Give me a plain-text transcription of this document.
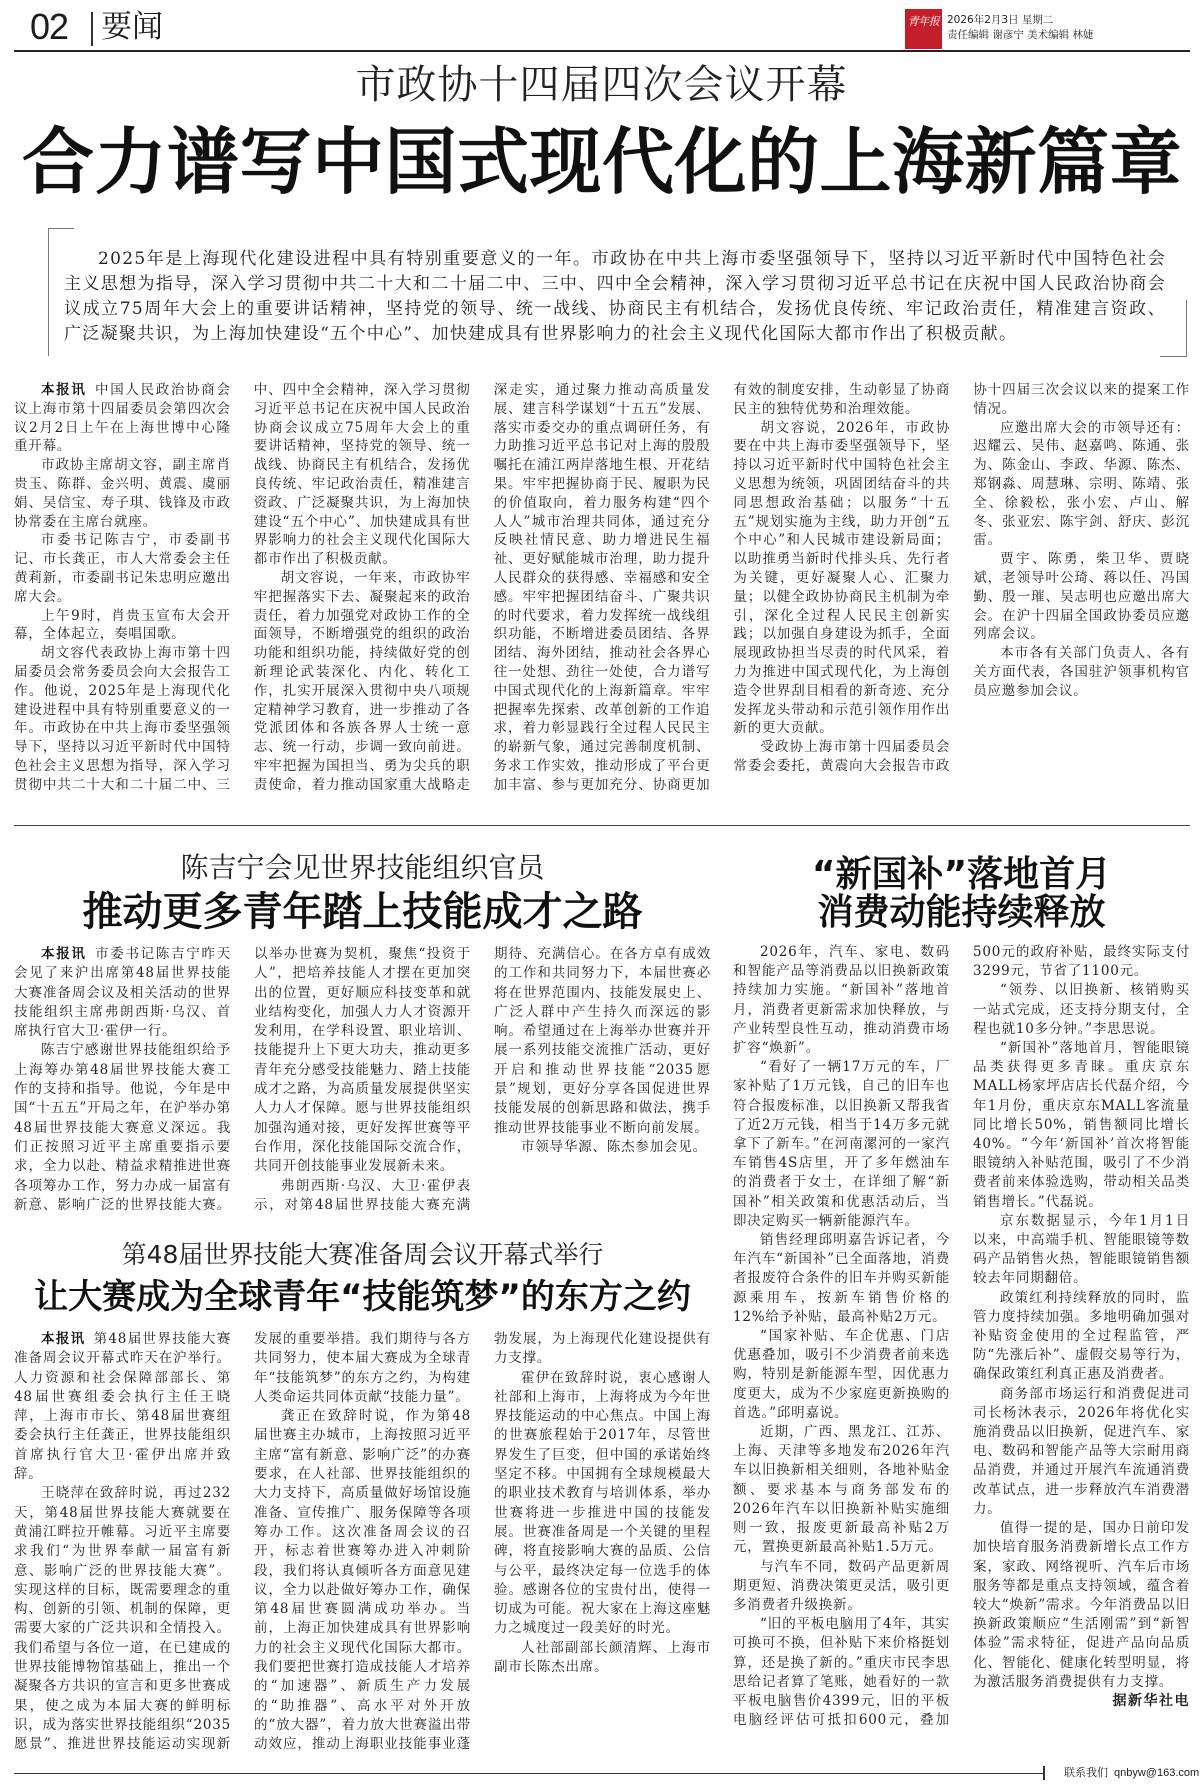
02 要闻	青年报 2026年2月3日 星期二
责任编辑 谢彦宁 美术编辑 林婕
市政协十四届四次会议开幕
合力谱写中国式现代化的上海新篇章
2025年是上海现代化建设进程中具有特别重要意义的一年。市政协在中共上海市委坚强领导下，坚持以习近平新时代中国特色社会主义思想为指导，深入学习贯彻中共二十大和二十届二中、三中、四中全会精神，深入学习贯彻习近平总书记在庆祝中国人民政治协商会议成立75周年大会上的重要讲话精神，坚持党的领导、统一战线、协商民主有机结合，发扬优良传统、牢记政治责任，精准建言资政、广泛凝聚共识，为上海加快建设“五个中心”、加快建成具有世界影响力的社会主义现代化国际大都市作出了积极贡献。

本报讯  中国人民政治协商会议上海市第十四届委员会第四次会议2月2日上午在上海世博中心隆重开幕。

市政协主席胡文容，副主席肖贵玉、陈群、金兴明、黄震、虞丽娟、吴信宝、寿子琪、钱锋及市政协常委在主席台就座。

市委书记陈吉宁，市委副书记、市长龚正，市人大常委会主任黄莉新，市委副书记朱忠明应邀出席大会。

上午9时，肖贵玉宣布大会开幕，全体起立，奏唱国歌。

胡文容代表政协上海市第十四届委员会常务委员会向大会报告工作。他说，2025年是上海现代化建设进程中具有特别重要意义的一年。市政协在中共上海市委坚强领导下，坚持以习近平新时代中国特色社会主义思想为指导，深入学习贯彻中共二十大和二十届二中、三中、四中全会精神，深入学习贯彻习近平总书记在庆祝中国人民政治协商会议成立75周年大会上的重要讲话精神，坚持党的领导、统一战线、协商民主有机结合，发扬优良传统、牢记政治责任，精准建言资政、广泛凝聚共识，为上海加快建设“五个中心”、加快建成具有世界影响力的社会主义现代化国际大都市作出了积极贡献。

胡文容说，一年来，市政协牢牢把握落实下去、凝聚起来的政治责任，着力加强党对政协工作的全面领导，不断增强党的组织的政治功能和组织功能，持续做好党的创新理论武装深化、内化、转化工作，扎实开展深入贯彻中央八项规定精神学习教育，进一步推动了各党派团体和各族各界人士统一意志、统一行动，步调一致向前进。牢牢把握为国担当、勇为尖兵的职责使命，着力推动国家重大战略走深走实，通过聚力推动高质量发展、建言科学谋划“十五五”发展、落实市委交办的重点调研任务，有力助推习近平总书记对上海的殷殷嘱托在浦江两岸落地生根、开花结果。牢牢把握协商于民、履职为民的价值取向，着力服务构建“四个人人”城市治理共同体，通过充分反映社情民意、助力增进民生福祉、更好赋能城市治理，助力提升人民群众的获得感、幸福感和安全感。牢牢把握团结奋斗、广聚共识的时代要求，着力发挥统一战线组织功能，不断增进委员团结、各界团结、海外团结，推动社会各界心往一处想、劲往一处使，合力谱写中国式现代化的上海新篇章。牢牢把握率先探索、改革创新的工作追求，着力彰显践行全过程人民民主的崭新气象，通过完善制度机制、务求工作实效，推动形成了平台更加丰富、参与更加充分、协商更加有效的制度安排，生动彰显了协商民主的独特优势和治理效能。

胡文容说，2026年，市政协要在中共上海市委坚强领导下，坚持以习近平新时代中国特色社会主义思想为统领，巩固团结奋斗的共同思想政治基础；以服务“十五五”规划实施为主线，助力开创“五个中心”和人民城市建设新局面；以助推勇当新时代排头兵、先行者为关键，更好凝聚人心、汇聚力量；以健全政协协商民主机制为牵引，深化全过程人民民主创新实践；以加强自身建设为抓手，全面展现政协担当尽责的时代风采，着力为推进中国式现代化，为上海创造令世界刮目相看的新奇迹、充分发挥龙头带动和示范引领作用作出新的更大贡献。

受政协上海市第十四届委员会常委会委托，黄震向大会报告市政协十四届三次会议以来的提案工作情况。

应邀出席大会的市领导还有：迟耀云、吴伟、赵嘉鸣、陈通、张为、陈金山、李政、华源、陈杰、郑钢淼、周慧琳、宗明、陈靖、张全、徐毅松，张小宏、卢山、解冬、张亚宏、陈宇剑、舒庆、彭沉雷。

贾宇、陈勇，柴卫华、贾晓斌，老领导叶公琦、蒋以任、冯国勤、殷一璀、吴志明也应邀出席大会。在沪十四届全国政协委员应邀列席会议。

本市各有关部门负责人、各有关方面代表，各国驻沪领事机构官员应邀参加会议。

陈吉宁会见世界技能组织官员
推动更多青年踏上技能成才之路

本报讯  市委书记陈吉宁昨天会见了来沪出席第48届世界技能大赛准备周会议及相关活动的世界技能组织主席弗朗西斯·乌汉、首席执行官大卫·霍伊一行。

陈吉宁感谢世界技能组织给予上海筹办第48届世界技能大赛工作的支持和指导。他说，今年是中国“十五五”开局之年，在沪举办第48届世界技能大赛意义深远。我们正按照习近平主席重要指示要求，全力以赴、精益求精推进世赛各项筹办工作，努力办成一届富有新意、影响广泛的世界技能大赛。以举办世赛为契机，聚焦“投资于人”，把培养技能人才摆在更加突出的位置，更好顺应科技变革和就业结构变化，加强人力人才资源开发利用，在学科设置、职业培训、技能提升上下更大功夫，推动更多青年充分感受技能魅力、踏上技能成才之路，为高质量发展提供坚实人力人才保障。愿与世界技能组织加强沟通对接，更好发挥世赛等平台作用，深化技能国际交流合作，共同开创技能事业发展新未来。

弗朗西斯·乌汉、大卫·霍伊表示，对第48届世界技能大赛充满期待、充满信心。在各方卓有成效的工作和共同努力下，本届世赛必将在世界范围内、技能发展史上、广泛人群中产生持久而深远的影响。希望通过在上海举办世赛并开展一系列技能交流推广活动，更好开启和推动世界技能“2035愿景”规划，更好分享各国促进世界技能发展的创新思路和做法，携手推动世界技能事业不断向前发展。

市领导华源、陈杰参加会见。

“新国补”落地首月
消费动能持续释放

2026年，汽车、家电、数码和智能产品等消费品以旧换新政策持续加力实施。“新国补”落地首月，消费者更新需求加快释放，与产业转型良性互动，推动消费市场扩容“焕新”。

“看好了一辆17万元的车，厂家补贴了1万元钱，自己的旧车也符合报废标准，以旧换新又帮我省了近2万元钱，相当于14万多元就拿下了新车。”在河南漯河的一家汽车销售4S店里，开了多年燃油车的消费者于女士，在详细了解“新国补”相关政策和优惠活动后，当即决定购买一辆新能源汽车。

销售经理邱明嘉告诉记者，今年汽车“新国补”已全面落地，消费者报废符合条件的旧车并购买新能源乘用车，按新车销售价格的12%给予补贴，最高补贴2万元。

“国家补贴、车企优惠、门店优惠叠加，吸引不少消费者前来选购，特别是新能源车型，因优惠力度更大，成为不少家庭更新换购的首选。”邱明嘉说。

近期，广西、黑龙江、江苏、上海、天津等多地发布2026年汽车以旧换新相关细则，各地补贴金额、要求基本与商务部发布的2026年汽车以旧换新补贴实施细则一致，报废更新最高补贴2万元，置换更新最高补贴1.5万元。

与汽车不同，数码产品更新周期更短、消费决策更灵活，吸引更多消费者升级换新。

“旧的平板电脑用了4年，其实可换可不换，但补贴下来价格挺划算，还是换了新的。”重庆市民李思思给记者算了笔账，她看好的一款平板电脑售价4399元，旧的平板电脑经评估可抵扣600元，叠加500元的政府补贴，最终实际支付3299元，节省了1100元。

“领券、以旧换新、核销购买一站式完成，还支持分期支付，全程也就10多分钟。”李思思说。

“新国补”落地首月，智能眼镜品类获得更多青睐。重庆京东MALL杨家坪店店长代磊介绍，今年1月份，重庆京东MALL客流量同比增长50%，销售额同比增长40%。“今年‘新国补’首次将智能眼镜纳入补贴范围，吸引了不少消费者前来体验选购，带动相关品类销售增长。”代磊说。

京东数据显示，今年1月1日以来，中高端手机、智能眼镜等数码产品销售火热，智能眼镜销售额较去年同期翻倍。

政策红利持续释放的同时，监管力度持续加强。多地明确加强对补贴资金使用的全过程监管，严防“先涨后补”、虚假交易等行为，确保政策红利真正惠及消费者。

商务部市场运行和消费促进司司长杨沐表示，2026年将优化实施消费品以旧换新，促进汽车、家电、数码和智能产品等大宗耐用商品消费，并通过开展汽车流通消费改革试点，进一步释放汽车消费潜力。

值得一提的是，国办日前印发加快培育服务消费新增长点工作方案，家政、网络视听、汽车后市场服务等都是重点支持领域，蕴含着较大“焕新”需求。今年消费品以旧换新政策顺应“生活刚需”到“新智体验”需求特征，促进产品向品质化、智能化、健康化转型明显，将为激活服务消费提供有力支撑。

据新华社电

第48届世界技能大赛准备周会议开幕式举行
让大赛成为全球青年“技能筑梦”的东方之约

本报讯  第48届世界技能大赛准备周会议开幕式昨天在沪举行。人力资源和社会保障部部长、第48届世赛组委会执行主任王晓萍，上海市市长、第48届世赛组委会执行主任龚正，世界技能组织首席执行官大卫·霍伊出席并致辞。

王晓萍在致辞时说，再过232天，第48届世界技能大赛就要在黄浦江畔拉开帷幕。习近平主席要求我们“为世界奉献一届富有新意、影响广泛的世界技能大赛”。实现这样的目标，既需要理念的重构、创新的引领、机制的保障，更需要大家的广泛共识和全情投入。我们希望与各位一道，在已建成的世界技能博物馆基础上，推出一个凝聚各方共识的宣言和更多世赛成果，使之成为本届大赛的鲜明标识，成为落实世界技能组织“2035愿景”、推进世界技能运动实现新发展的重要举措。我们期待与各方共同努力，使本届大赛成为全球青年“技能筑梦”的东方之约，为构建人类命运共同体贡献“技能力量”。

龚正在致辞时说，作为第48届世赛主办城市，上海按照习近平主席“富有新意、影响广泛”的办赛要求，在人社部、世界技能组织的大力支持下，高质量做好场馆设施准备、宣传推广、服务保障等各项筹办工作。这次准备周会议的召开，标志着世赛筹办进入冲刺阶段，我们将认真倾听各方面意见建议，全力以赴做好筹办工作，确保第48届世赛圆满成功举办。当前，上海正加快建成具有世界影响力的社会主义现代化国际大都市。我们要把世赛打造成技能人才培养的“加速器”、新质生产力发展的“助推器”、高水平对外开放的“放大器”，着力放大世赛溢出带动效应，推动上海职业技能事业蓬勃发展，为上海现代化建设提供有力支撑。

霍伊在致辞时说，衷心感谢人社部和上海市，上海将成为今年世界技能运动的中心焦点。中国上海的世赛旅程始于2017年，尽管世界发生了巨变，但中国的承诺始终坚定不移。中国拥有全球规模最大的职业技术教育与培训体系，举办世赛将进一步推进中国的技能发展。世赛准备周是一个关键的里程碑，将直接影响大赛的品质、公信与公平，最终决定每一位选手的体验。感谢各位的宝贵付出，使得一切成为可能。祝大家在上海这座魅力之城度过一段美好的时光。

人社部副部长颜清辉、上海市副市长陈杰出席。

联系我们 qnbyw@163.com
